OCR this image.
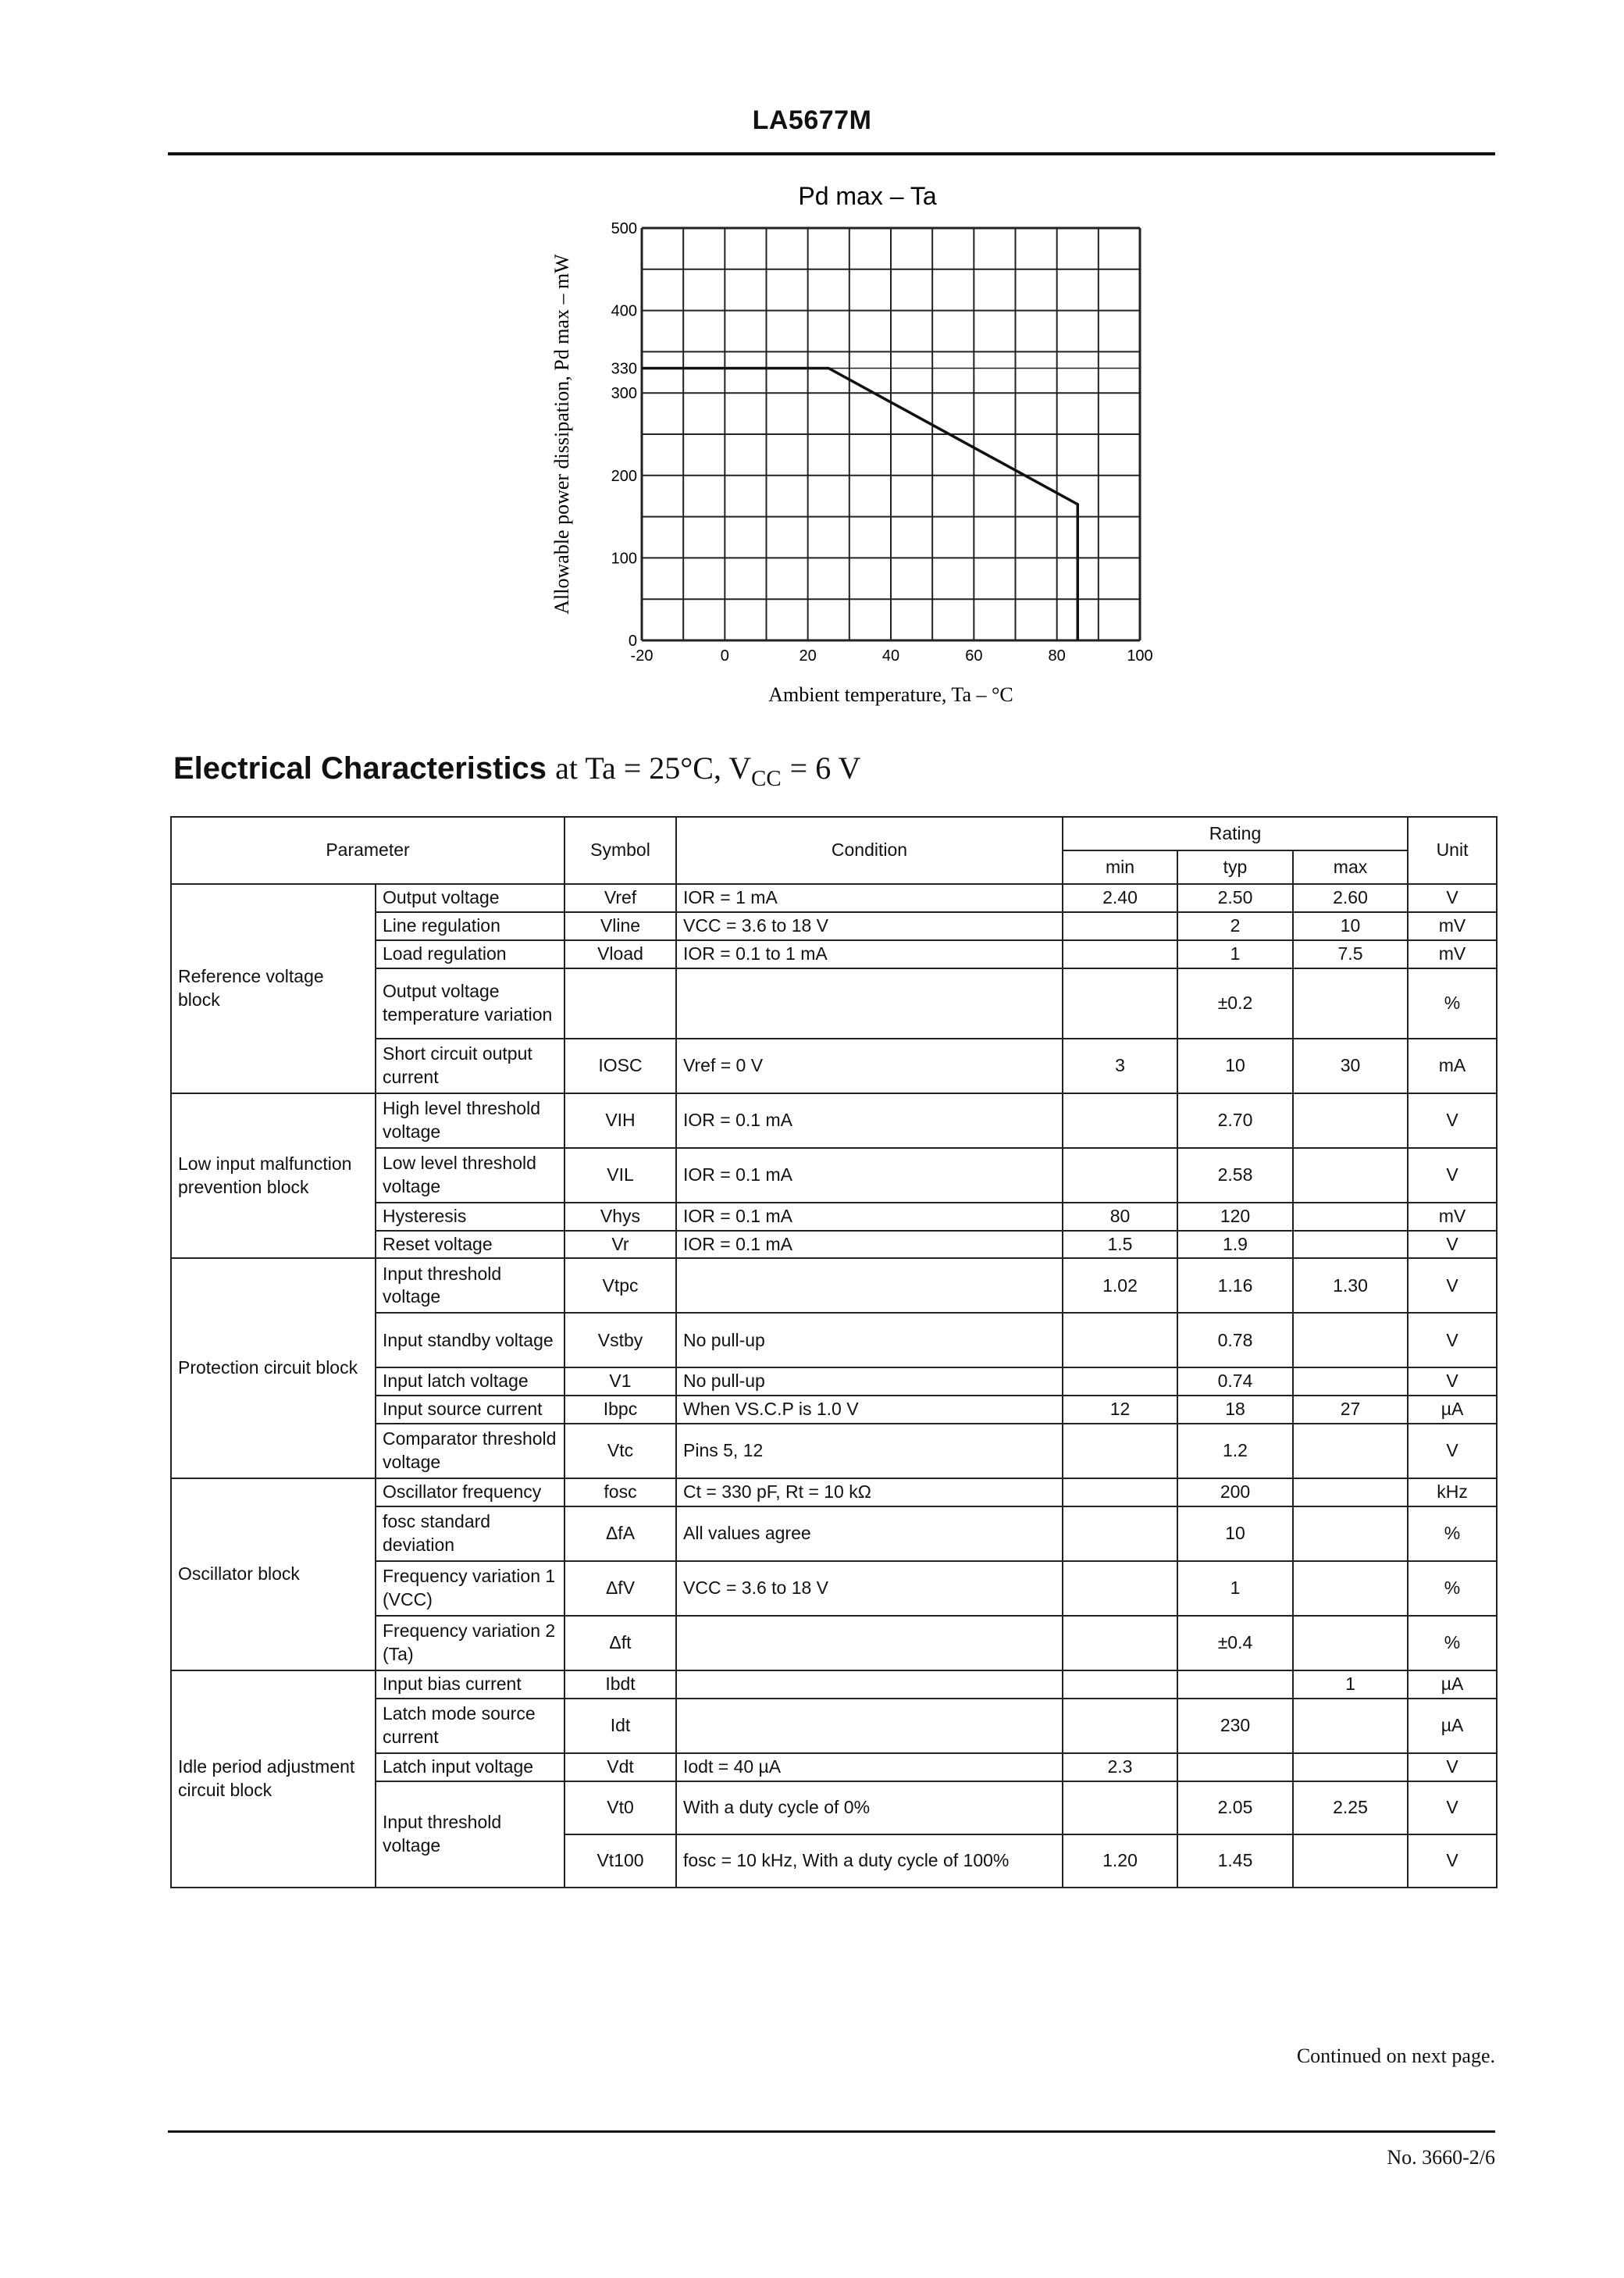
LA5677M
Pd max – Ta
500
400
330
300
200
100
0
-20	0	20	40	60	80	100
Ambient temperature, Ta – °C
Allowable power dissipation, Pd max – mW
Electrical Characteristics at Ta = 25°C, $V_{CC} = 6$ V
Parameter		Symbol	Condition	Rating			Unit
				min	typ	max	
Reference voltage block	Output voltage	Vref	IOR = 1 mA	2.40	2.50	2.60	V
	Line regulation	Vline	VCC = 3.6 to 18 V		2	10	mV
	Load regulation	Vload	IOR = 0.1 to 1 mA		1	7.5	mV
	Output voltage temperature variation				±0.2		%
	Short circuit output current	IOSC	Vref = 0 V	3	10	30	mA
Low input malfunction prevention block	High level threshold voltage	VIH	IOR = 0.1 mA		2.70		V
	Low level threshold voltage	VIL	IOR = 0.1 mA		2.58		V
	Hysteresis	Vhys	IOR = 0.1 mA	80	120		mV
	Reset voltage	Vr	IOR = 0.1 mA	1.5	1.9		V
Protection circuit block	Input threshold voltage	Vtpc		1.02	1.16	1.30	V
	Input standby voltage	Vstby	No pull-up		0.78		V
	Input latch voltage	V1	No pull-up		0.74		V
	Input source current	Ibpc	When VS.C.P is 1.0 V	12	18	27	µA
	Comparator threshold voltage	Vtc	Pins 5, 12		1.2		V
Oscillator block	Oscillator frequency	fosc	Ct = 330 pF, Rt = 10 kΩ		200		kHz
	fosc standard deviation	ΔfA	All values agree		10		%
	Frequency variation 1 (VCC)	ΔfV	VCC = 3.6 to 18 V		1		%
	Frequency variation 2 (Ta)	Δft			±0.4		%
Idle period adjustment circuit block	Input bias current	Ibdt				1	µA
	Latch mode source current	Idt			230		µA
	Latch input voltage	Vdt	Iodt = 40 µA	2.3			V
	Input threshold voltage	Vt0	With a duty cycle of 0%		2.05	2.25	V
		Vt100	fosc = 10 kHz, With a duty cycle of 100%	1.20	1.45		V
Continued on next page.
No. 3660-2/6
